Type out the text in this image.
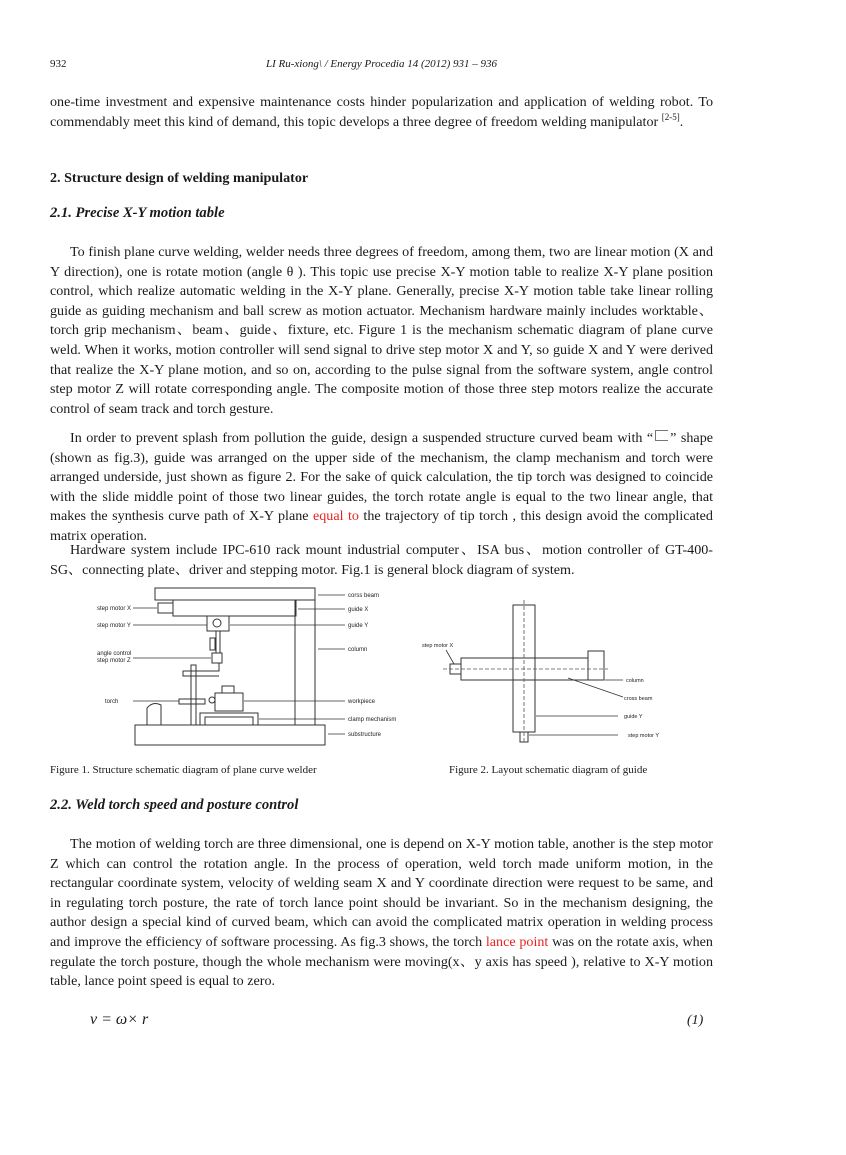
932	LI Ru-xiong\ / Energy Procedia 14 (2012) 931 – 936

one-time investment and expensive maintenance costs hinder popularization and application of welding robot. To commendably meet this kind of demand, this topic develops a three degree of freedom welding manipulator [2-5].

2. Structure design of welding manipulator
2.1. Precise X-Y motion table

To finish plane curve welding, welder needs three degrees of freedom, among them, two are linear motion (X and Y direction), one is rotate motion (angle θ ). This topic use precise X-Y motion table to realize X-Y plane position control, which realize automatic welding in the X-Y plane. Generally, precise X-Y motion table take linear rolling guide as guiding mechanism and ball screw as motion actuator. Mechanism hardware mainly includes worktable、torch grip mechanism、beam、guide、fixture, etc. Figure 1 is the mechanism schematic diagram of plane curve weld. When it works, motion controller will send signal to drive step motor X and Y, so guide X and Y were derived that realize the X-Y plane motion, and so on, according to the pulse signal from the software system, angle control step motor Z will rotate corresponding angle. The composite motion of those three step motors realize the accurate control of seam track and torch gesture.

In order to prevent splash from pollution the guide, design a suspended structure curved beam with “ ” shape (shown as fig.3), guide was arranged on the upper side of the mechanism, the clamp mechanism and torch were arranged underside, just shown as figure 2. For the sake of quick calculation, the tip torch was designed to coincide with the slide middle point of those two linear guides, the torch rotate angle is equal to the two linear angle, that makes the synthesis curve path of X-Y plane equal to the trajectory of tip torch , this design avoid the complicated matrix operation.

Hardware system include IPC-610 rack mount industrial computer、ISA bus、motion controller of GT-400-SG、connecting plate、driver and stepping motor. Fig.1 is general block diagram of system.

step motor X
step motor Y
angle control
step motor Z
torch
corss beam
guide X
guide Y
column
workpiece
clamp mechanism
substructure
step motor X
column
cross beam
guide Y
step motor Y
Figure 1. Structure schematic diagram of plane curve welder	Figure 2. Layout schematic diagram of guide
2.2. Weld torch speed and posture control

The motion of welding torch are three dimensional, one is depend on X-Y motion table, another is the step motor Z which can control the rotation angle. In the process of operation, weld torch made uniform motion, in the rectangular coordinate system, velocity of welding seam X and Y coordinate direction were request to be same, and in regulating torch posture, the rate of torch lance point should be invariant. So in the mechanism designing, the author design a special kind of curved beam, which can avoid the complicated matrix operation in welding process and improve the efficiency of software processing. As fig.3 shows, the torch lance point was on the rotate axis, when regulate the torch posture, though the whole mechanism were moving(x、y axis has speed ), relative to X-Y motion table, lance point speed is equal to zero.

v = ω× r	(1)
